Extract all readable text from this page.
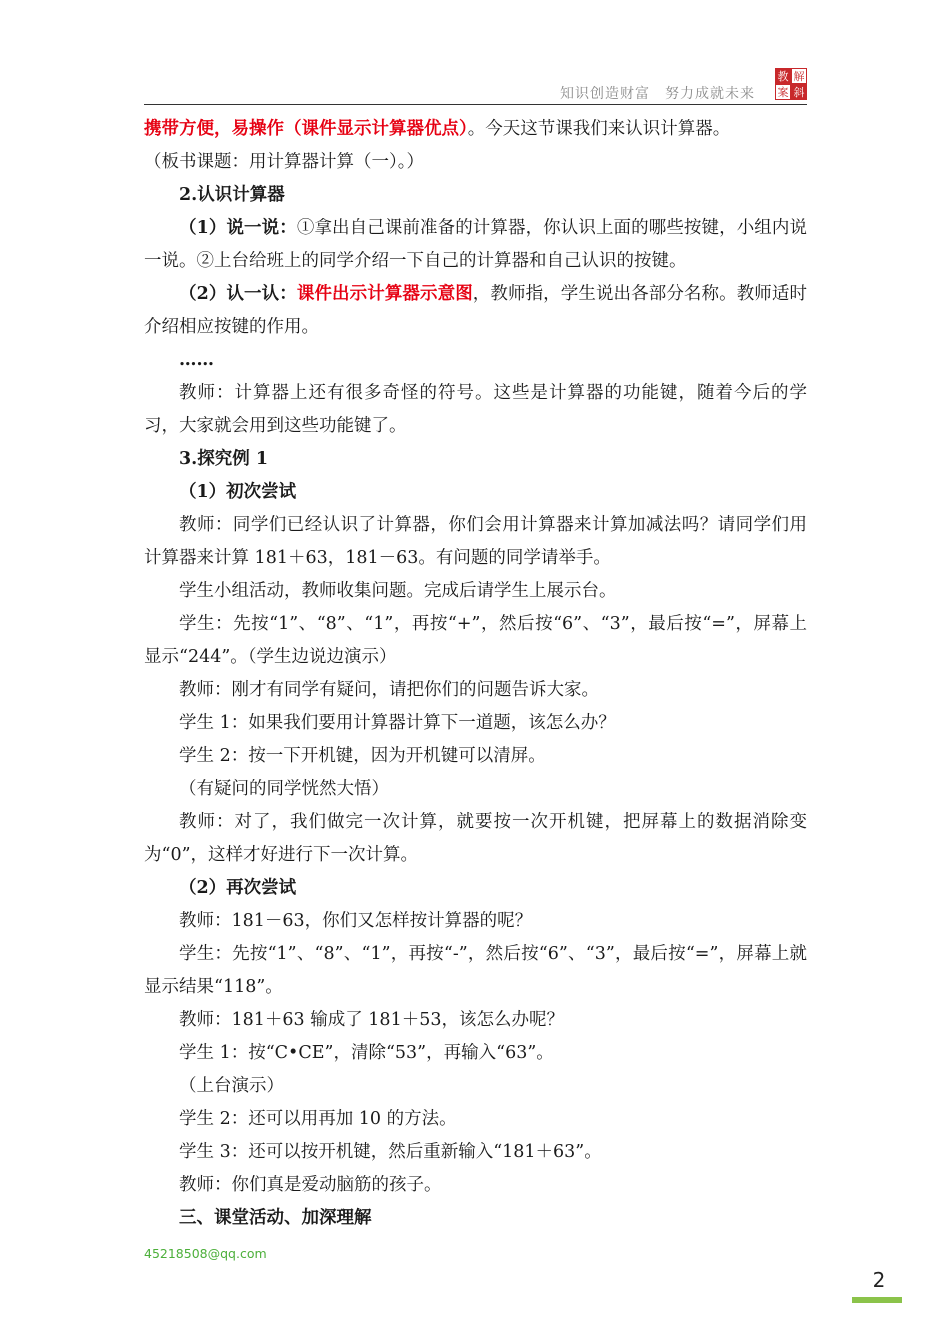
知识创造财富　努力成就未来
教 解
案 斜

携带方便，易操作（课件显示计算器优点）。今天这节课我们来认识计算器。

（板书课题：用计算器计算（一）。）

2.认识计算器

（1）说一说：①拿出自己课前准备的计算器，你认识上面的哪些按键，小组内说一说。②上台给班上的同学介绍一下自己的计算器和自己认识的按键。

（2）认一认：课件出示计算器示意图，教师指，学生说出各部分名称。教师适时介绍相应按键的作用。

……

教师：计算器上还有很多奇怪的符号。这些是计算器的功能键，随着今后的学习，大家就会用到这些功能键了。

3.探究例 1

（1）初次尝试

教师：同学们已经认识了计算器，你们会用计算器来计算加减法吗？请同学们用计算器来计算 181＋63，181－63。有问题的同学请举手。

学生小组活动，教师收集问题。完成后请学生上展示台。

学生：先按“1”、“8”、“1”，再按“+”，然后按“6”、“3”，最后按“=”，屏幕上显示“244”。（学生边说边演示）

教师：刚才有同学有疑问，请把你们的问题告诉大家。

学生 1：如果我们要用计算器计算下一道题，该怎么办？

学生 2：按一下开机键，因为开机键可以清屏。

（有疑问的同学恍然大悟）

教师：对了，我们做完一次计算，就要按一次开机键，把屏幕上的数据消除变为“0”，这样才好进行下一次计算。

（2）再次尝试

教师：181－63，你们又怎样按计算器的呢？

学生：先按“1”、“8”、“1”，再按“-”，然后按“6”、“3”，最后按“=”，屏幕上就显示结果“118”。

教师：181＋63 输成了 181＋53，该怎么办呢？

学生 1：按“C•CE”，清除“53”，再输入“63”。

（上台演示）

学生 2：还可以用再加 10 的方法。

学生 3：还可以按开机键，然后重新输入“181＋63”。

教师：你们真是爱动脑筋的孩子。

三、课堂活动、加深理解

45218508@qq.com
2
